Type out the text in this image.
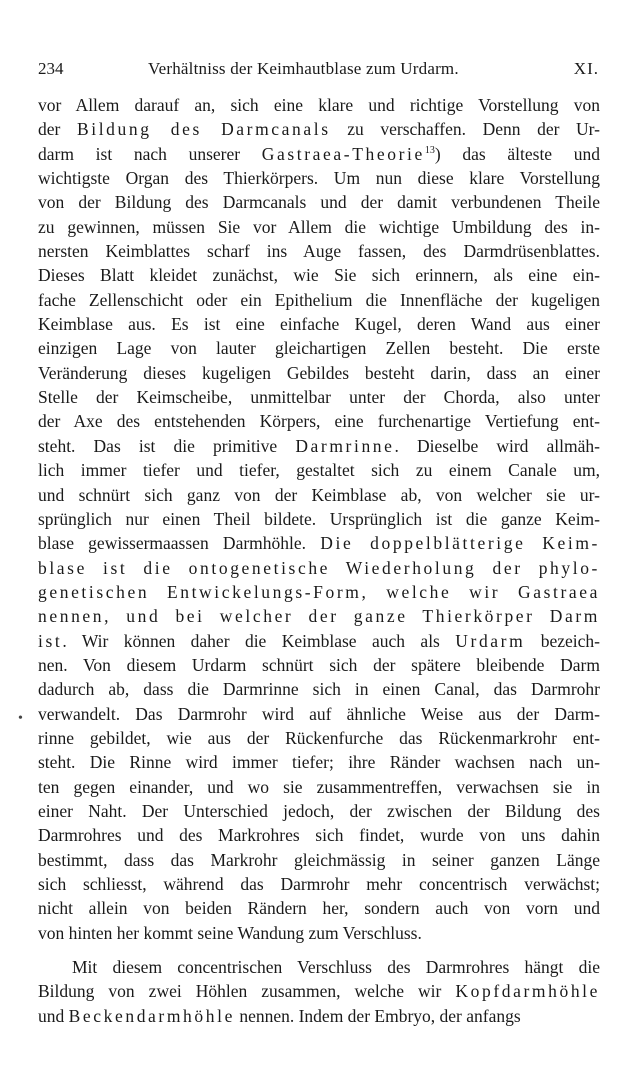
234	Verhältniss der Keimhautblase zum Urdarm.	XI.
•
vor Allem darauf an, sich eine klare und richtige Vorstellung von
der Bildung des Darmcanals zu verschaffen. Denn der Ur-
darm ist nach unserer Gastraea-Theorie$^{13}$) das älteste und
wichtigste Organ des Thierkörpers. Um nun diese klare Vorstellung
von der Bildung des Darmcanals und der damit verbundenen Theile
zu gewinnen, müssen Sie vor Allem die wichtige Umbildung des in-
nersten Keimblattes scharf ins Auge fassen, des Darmdrüsenblattes.
Dieses Blatt kleidet zunächst, wie Sie sich erinnern, als eine ein-
fache Zellenschicht oder ein Epithelium die Innenfläche der kugeligen
Keimblase aus. Es ist eine einfache Kugel, deren Wand aus einer
einzigen Lage von lauter gleichartigen Zellen besteht. Die erste
Veränderung dieses kugeligen Gebildes besteht darin, dass an einer
Stelle der Keimscheibe, unmittelbar unter der Chorda, also unter
der Axe des entstehenden Körpers, eine furchenartige Vertiefung ent-
steht. Das ist die primitive Darmrinne. Dieselbe wird allmäh-
lich immer tiefer und tiefer, gestaltet sich zu einem Canale um,
und schnürt sich ganz von der Keimblase ab, von welcher sie ur-
sprünglich nur einen Theil bildete. Ursprünglich ist die ganze Keim-
blase gewissermaassen Darmhöhle. Die doppelblätterige Keim-
blase ist die ontogenetische Wiederholung der phylo-
genetischen Entwickelungs-Form, welche wir Gastraea
nennen, und bei welcher der ganze Thierkörper Darm
ist. Wir können daher die Keimblase auch als Urdarm bezeich-
nen. Von diesem Urdarm schnürt sich der spätere bleibende Darm
dadurch ab, dass die Darmrinne sich in einen Canal, das Darmrohr
verwandelt. Das Darmrohr wird auf ähnliche Weise aus der Darm-
rinne gebildet, wie aus der Rückenfurche das Rückenmarkrohr ent-
steht. Die Rinne wird immer tiefer; ihre Ränder wachsen nach un-
ten gegen einander, und wo sie zusammentreffen, verwachsen sie in
einer Naht. Der Unterschied jedoch, der zwischen der Bildung des
Darmrohres und des Markrohres sich findet, wurde von uns dahin
bestimmt, dass das Markrohr gleichmässig in seiner ganzen Länge
sich schliesst, während das Darmrohr mehr concentrisch verwächst;
nicht allein von beiden Rändern her, sondern auch von vorn und
von hinten her kommt seine Wandung zum Verschluss.
Mit diesem concentrischen Verschluss des Darmrohres hängt die
Bildung von zwei Höhlen zusammen, welche wir Kopfdarmhöhle
und Beckendarmhöhle nennen. Indem der Embryo, der anfangs
